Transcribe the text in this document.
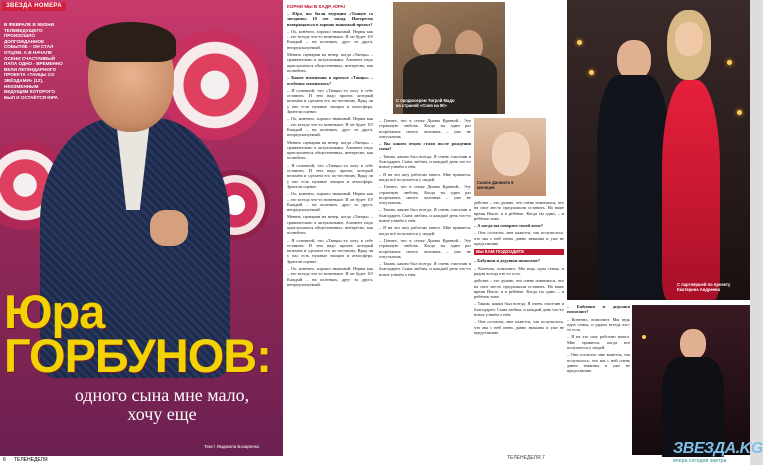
ЗВЕЗДА НОМЕРА
В ФЕВРАЛЕ В ЖИЗНИ ТЕЛЕВЕДУЩЕГО ПРОИЗОШЛО ДОЛГОЖДАННОЕ СОБЫТИЕ – ОН СТАЛ ОТЦОМ. А В НАЧАЛЕ ОСЕНИ СЧАСТЛИВЫЙ ПАПА ОДНО - ВРЕМЕННО ВЕЛИ ЛЕГЕНДАРНОГО ПРОЕКТА «ТАНЦЫ СО ЗВЁЗДАМИ» (12), НЕИЗМЕННЫМ ВЕДУЩИМ КОТОРОГО БЫЛ И ОСТАЁТСЯ ЮРА
Юра
ГОРБУНОВ:
одного сына мне мало, хочу еще
Текст Людмила Бозаренко
6 ТЕЛЕНЕДЕЛЯ
КОРНИ МЫ В КАДР, ЮРА!

– Юра, вы были ведущим «Танцев со звездами» 10 лет назад. Интересно возвращаться в хорошо знакомый проект?

– Ох, конечно, хорошо знакомый. Нервы как – это всегда что-то новенькое. И он будет 10! Каждый – на коленках, друг за друга, непредсказуемый.

Менять сценарии на вечер, когда «Танцы» – сравнительно в актуальными. Алимент надо прислушаться общественных, интересно, как полюбить.

– Какие изменения в проекте «Танцы» – особенно заменились?

– Я основной, что «Танцы»-то хочу в себе оставить. И тем надо проект, который возьмём и сделаем его по-честному. Вряд ли у нас есть нужные эмоции и атмосфера. Зрители оценят.

– Ох, конечно, хорошо знакомый. Нервы как – это всегда что-то новенькое. И он будет 10! Каждый – на коленках, друг за друга, непредсказуемый.

Менять сценарии на вечер, когда «Танцы» – сравнительно в актуальными. Алимент надо прислушаться общественных, интересно, как полюбить.

– Я основной, что «Танцы»-то хочу в себе оставить. И тем надо проект, который возьмём и сделаем его по-честному. Вряд ли у нас есть нужные эмоции и атмосфера. Зрители оценят.

– Ох, конечно, хорошо знакомый. Нервы как – это всегда что-то новенькое. И он будет 10! Каждый – на коленках, друг за друга, непредсказуемый.

Менять сценарии на вечер, когда «Танцы» – сравнительно в актуальными. Алимент надо прислушаться общественных, интересно, как полюбить.

– Я основной, что «Танцы»-то хочу в себе оставить. И тем надо проект, который возьмём и сделаем его по-честному. Вряд ли у нас есть нужные эмоции и атмосфера. Зрители оценят.

– Ох, конечно, хорошо знакомый. Нервы как – это всегда что-то новенькое. И он будет 10! Каждый – на коленках, друг за друга, непредсказуемый.

С продюсером Тигрой Мадо из страной «Соня на 90»
Сынок Даниила 6 месяцев

– Гоните, что в семье Дианы Краевой... Эту страшную любовь. Когда ты один раз встречаешь своего человека – уже не отпускаешь.

– Вы каким отцом стали после рождения сына?

– Таким, каким был всегда. Я очень счастлив и благодарен. Сына любим, и каждый день что-то новое узнаём о нём.

– Я на это шоу работаю много. Мне нравится, когда всё получается у людей.

– Гоните, что в семье Дианы Краевой... Эту страшную любовь. Когда ты один раз встречаешь своего человека – уже не отпускаешь.

– Таким, каким был всегда. Я очень счастлив и благодарен. Сына любим, и каждый день что-то новое узнаём о нём.

– Я на это шоу работаю много. Мне нравится, когда всё получается у людей.

– Гоните, что в семье Дианы Краевой... Эту страшную любовь. Когда ты один раз встречаешь своего человека – уже не отпускаешь.

– Таким, каким был всегда. Я очень счастлив и благодарен. Сына любим, и каждый день что-то новое узнаём о нём.

действе – это думаю, что очень изменился, что на свое место предложили оставить. На ваше время Ильзе, я в ребёнке. Когда ты один, – и ребёнок тоже.

– А когда вы говорите своей жене?

– Она согласна, мне кажется, так получилось, что мы с ней очень давно знакомы и уже не представляю.

ВЫ КАМ ПОДХОДИТЕ

– Бабушки и дедушки помогают?

– Конечно, помогают. Мы ведь одна семья, и рядом всегда кто-то есть.

действе – это думаю, что очень изменился, что на свое место предложили оставить. На ваше время Ильзе, я в ребёнке. Когда ты один, – и ребёнок тоже.

– Таким, каким был всегда. Я очень счастлив и благодарен. Сына любим, и каждый день что-то новое узнаём о нём.

– Она согласна, мне кажется, так получилось, что мы с ней очень давно знакомы и уже не представляю.

С партнёршей по проекту Екатерина Андреева

– Бабушки и дедушки помогают?

– Конечно, помогают. Мы ведь одна семья, и рядом всегда кто-то есть.

– Я на это шоу работаю много. Мне нравится, когда всё получается у людей.

– Она согласна, мне кажется, так получилось, что мы с ней очень давно знакомы и уже не представляю.

ЗВЕЗДА.KG
вчера сегодня завтра
ТЕЛЕНЕДЕЛЯ 7
